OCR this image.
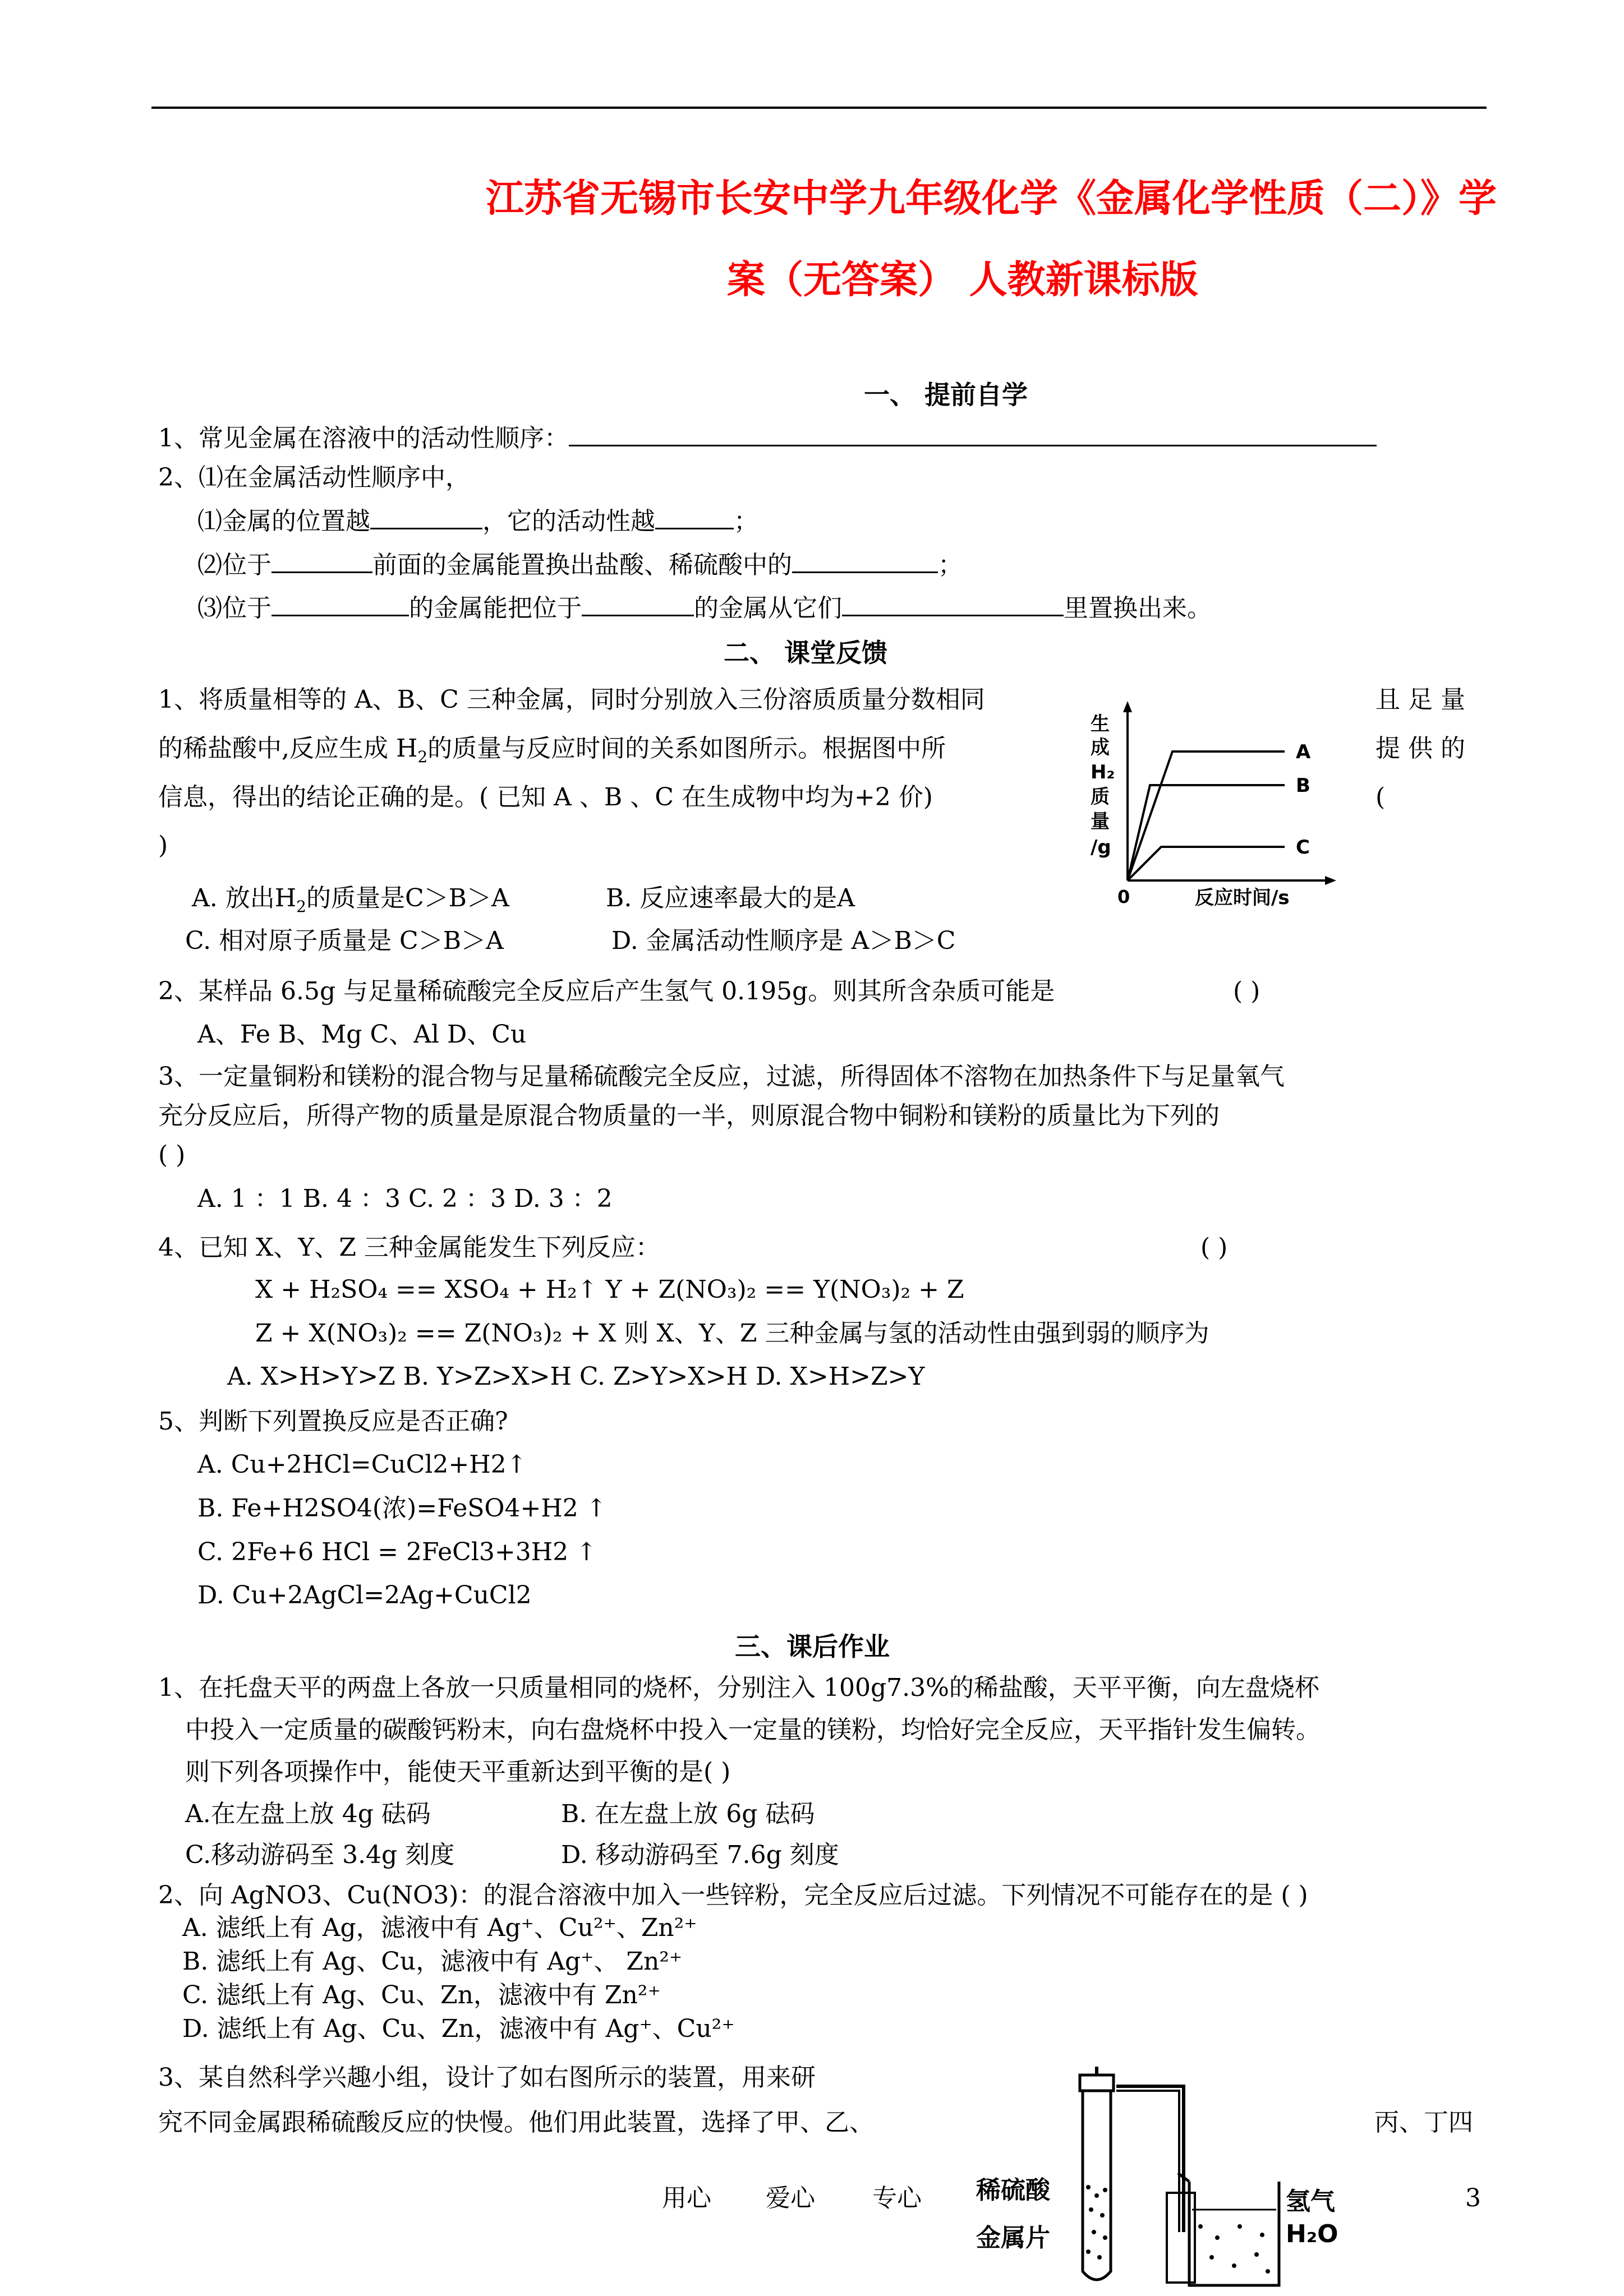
江苏省无锡市长安中学九年级化学《金属化学性质（二）》学
案（无答案） 人教新课标版
一、 提前自学
1、常见金属在溶液中的活动性顺序：
2、⑴在金属活动性顺序中，
⑴金属的位置越	，它的活动性越	；
⑵位于	前面的金属能置换出盐酸、稀硫酸中的	；
⑶位于	的金属能把位于	的金属从它们	里置换出来。
二、 课堂反馈
1、将质量相等的 A、B、C 三种金属，同时分别放入三份溶质质量分数相同	且 足 量
的稀盐酸中,反应生成 $H_2$的质量与反应时间的关系如图所示。根据图中所	提 供 的
信息，得出的结论正确的是。( 已知 A 、B 、C 在生成物中均为+2 价)	(
)
A
B
C
生
成
H₂
质
量
/g
0	反应时间/s
A. 放出$H_2$的质量是C＞B＞A	B. 反应速率最大的是A
C. 相对原子质量是 C＞B＞A	D. 金属活动性顺序是 A＞B＞C
2、某样品 6.5g 与足量稀硫酸完全反应后产生氢气 0.195g。则其所含杂质可能是	( )
A、Fe B、Mg C、Al D、Cu
3、一定量铜粉和镁粉的混合物与足量稀硫酸完全反应，过滤，所得固体不溶物在加热条件下与足量氧气
充分反应后，所得产物的质量是原混合物质量的一半，则原混合物中铜粉和镁粉的质量比为下列的
( )
A. 1 ：1 B. 4 ：3 C. 2 ：3 D. 3 ：2
4、已知 X、Y、Z 三种金属能发生下列反应：	( )
X + H₂SO₄ == XSO₄ + H₂↑ Y + Z(NO₃)₂ == Y(NO₃)₂ + Z
Z + X(NO₃)₂ == Z(NO₃)₂ + X 则 X、Y、Z 三种金属与氢的活动性由强到弱的顺序为
A. X>H>Y>Z B. Y>Z>X>H C. Z>Y>X>H D. X>H>Z>Y
5、判断下列置换反应是否正确?
A. Cu+2HCl=CuCl2+H2↑
B. Fe+H2SO4(浓)=FeSO4+H2 ↑
C. 2Fe+6 HCl = 2FeCl3+3H2 ↑
D. Cu+2AgCl=2Ag+CuCl2
三、课后作业
1、在托盘天平的两盘上各放一只质量相同的烧杯，分别注入 100g7.3%的稀盐酸，天平平衡，向左盘烧杯
中投入一定质量的碳酸钙粉末，向右盘烧杯中投入一定量的镁粉，均恰好完全反应，天平指针发生偏转。
则下列各项操作中，能使天平重新达到平衡的是( )
A.在左盘上放 4g 砝码	B. 在左盘上放 6g 砝码
C.移动游码至 3.4g 刻度	D. 移动游码至 7.6g 刻度
2、向 AgNO3、Cu(NO3)：的混合溶液中加入一些锌粉，完全反应后过滤。下列情况不可能存在的是 ( )
A. 滤纸上有 Ag，滤液中有 Ag⁺、Cu²⁺、Zn²⁺
B. 滤纸上有 Ag、Cu，滤液中有 Ag⁺、 Zn²⁺
C. 滤纸上有 Ag、Cu、Zn，滤液中有 Zn²⁺
D. 滤纸上有 Ag、Cu、Zn，滤液中有 Ag⁺、Cu²⁺
3、某自然科学兴趣小组，设计了如右图所示的装置，用来研
究不同金属跟稀硫酸反应的快慢。他们用此装置，选择了甲、乙、	丙、丁四
稀硫酸
金属片
氢气
H₂O
用心 爱心 专心	3
